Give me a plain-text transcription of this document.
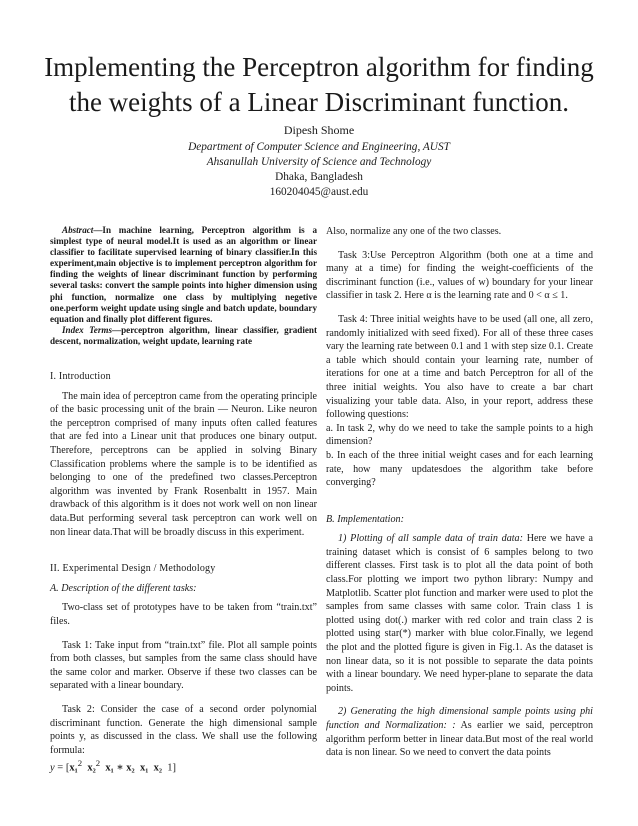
Implementing the Perceptron algorithm for finding the weights of a Linear Discriminant function.
Dipesh Shome
Department of Computer Science and Engineering, AUST
Ahsanullah University of Science and Technology
Dhaka, Bangladesh
160204045@aust.edu

Abstract—In machine learning, Perceptron algorithm is a simplest type of neural model.It is used as an algorithm or linear classifier to facilitate supervised learning of binary classifier.In this experiment,main objective is to implement perceptron algorithm for finding the weights of linear discriminant function by performing several tasks: convert the sample points into higher dimension using phi function, normalize one class by multiplying negetive one.perform weight update using single and batch update, boundary equation and finally plot different figures.

Index Terms—perceptron algorithm, linear classifier, gradient descent, normalization, weight update, learning rate

I. Introduction

The main idea of perceptron came from the operating principle of the basic processing unit of the brain — Neuron. Like neuron the perceptron comprised of many inputs often called features that are fed into a Linear unit that produces one binary output. Therefore, perceptrons can be applied in solving Binary Classification problems where the sample is to be identified as belonging to one of the predefined two classes.Perceptron algorithm was invented by Frank Rosenbaltt in 1957. Main drawback of this algorithm is it does not work well on non linear data.But performing several task perceptron can work well on non linear data.That will be broadly discuss in this experiment.

II. Experimental Design / Methodology

A. Description of the different tasks:

Two-class set of prototypes have to be taken from “train.txt” files.

Task 1: Take input from “train.txt” file. Plot all sample points from both classes, but samples from the same class should have the same color and marker. Observe if these two classes can be separated with a linear boundary.

Task 2: Consider the case of a second order polynomial discriminant function. Generate the high dimensional sample points y, as discussed in the class. We shall use the following formula:

y = [x₁$^2$ x₂$^2$ x₁ ∗ x₂ x₁ x₂ 1]

Also, normalize any one of the two classes.

Task 3:Use Perceptron Algorithm (both one at a time and many at a time) for finding the weight-coefficients of the discriminant function (i.e., values of w) boundary for your linear classifier in task 2. Here α is the learning rate and 0 < α ≤ 1.

Task 4: Three initial weights have to be used (all one, all zero, randomly initialized with seed fixed). For all of these three cases vary the learning rate between 0.1 and 1 with step size 0.1. Create a table which should contain your learning rate, number of iterations for one at a time and batch Perceptron for all of the three initial weights. You also have to create a bar chart visualizing your table data. Also, in your report, address these following questions:

a. In task 2, why do we need to take the sample points to a high dimension?

b. In each of the three initial weight cases and for each learning rate, how many updatesdoes the algorithm take before converging?

B. Implementation:

1) Plotting of all sample data of train data: Here we have a training dataset which is consist of 6 samples belong to two different classes. First task is to plot all the data point of both class.For plotting we import two python library: Numpy and Matplotlib. Scatter plot function and marker were used to plot the samples from same classes with same color. Train class 1 is plotted using dot(.) marker with red color and train class 2 is plotted using star(*) marker with blue color.Finally, we legend the plot and the plotted figure is given in Fig.1. As the dataset is non linear data, so it is not possible to separate the data points with a linear boundary. We need hyper-plane to separate the data points.

2) Generating the high dimensional sample points using phi function and Normalization: : As earlier we said, perceptron algorithm perform better in linear data.But most of the real world data is non linear. So we need to convert the data points
